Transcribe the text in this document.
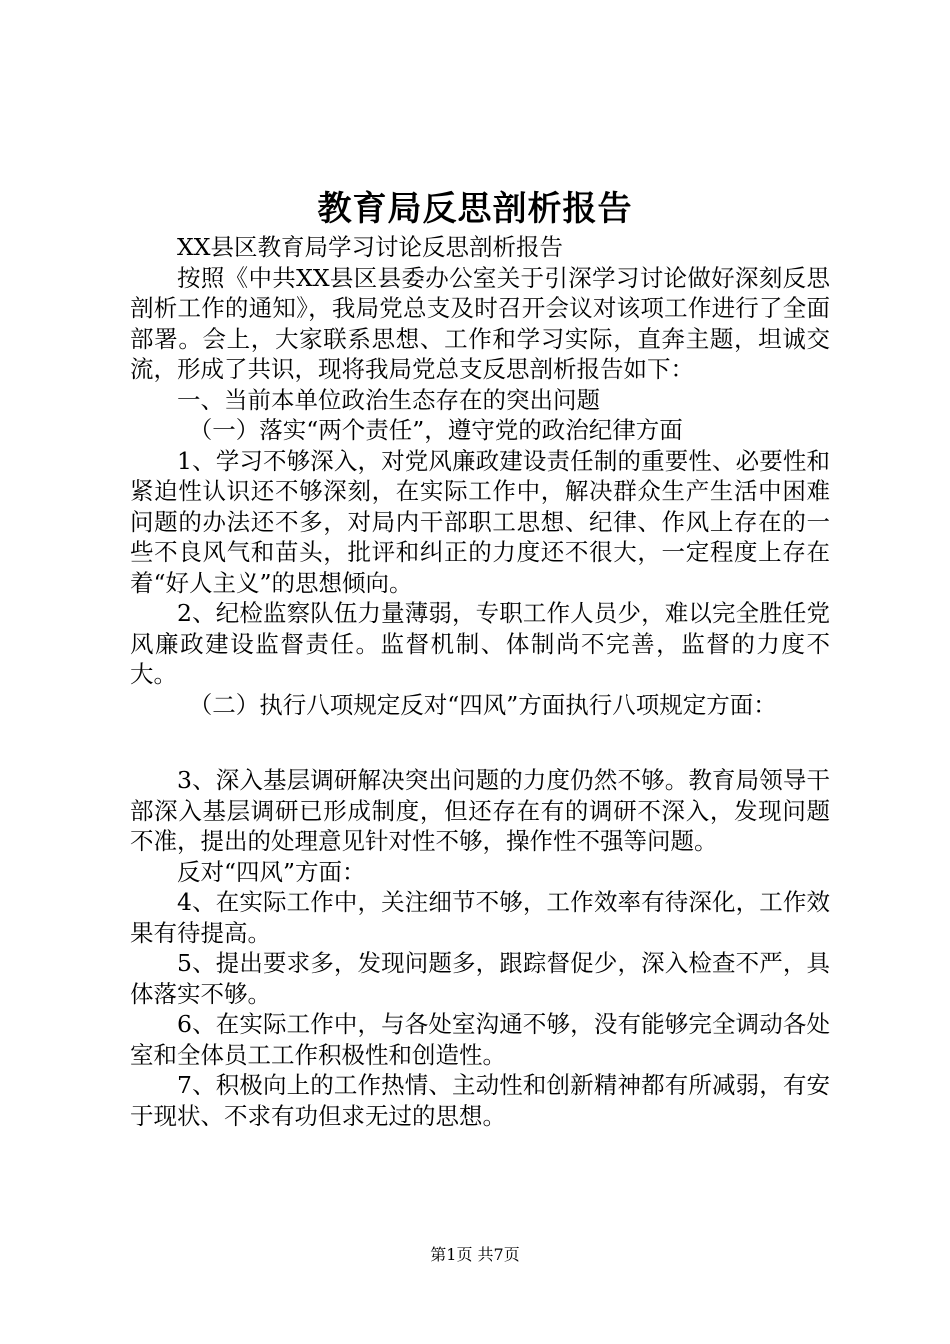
教育局反思剖析报告

XX县区教育局学习讨论反思剖析报告

按照《中共XX县区县委办公室关于引深学习讨论做好深刻反思剖析工作的通知》，我局党总支及时召开会议对该项工作进行了全面部署。会上，大家联系思想、工作和学习实际，直奔主题，坦诚交流，形成了共识，现将我局党总支反思剖析报告如下：

一、当前本单位政治生态存在的突出问题

（一）落实“两个责任”，遵守党的政治纪律方面

1、学习不够深入，对党风廉政建设责任制的重要性、必要性和紧迫性认识还不够深刻，在实际工作中，解决群众生产生活中困难问题的办法还不多，对局内干部职工思想、纪律、作风上存在的一些不良风气和苗头，批评和纠正的力度还不很大，一定程度上存在着“好人主义”的思想倾向。

2、纪检监察队伍力量薄弱，专职工作人员少，难以完全胜任党风廉政建设监督责任。监督机制、体制尚不完善，监督的力度不大。

（二）执行八项规定反对“四风”方面执行八项规定方面：

3、深入基层调研解决突出问题的力度仍然不够。教育局领导干部深入基层调研已形成制度，但还存在有的调研不深入，发现问题不准，提出的处理意见针对性不够，操作性不强等问题。

反对“四风”方面：

4、在实际工作中，关注细节不够，工作效率有待深化，工作效果有待提高。

5、提出要求多，发现问题多，跟踪督促少，深入检查不严，具体落实不够。

6、在实际工作中，与各处室沟通不够，没有能够完全调动各处室和全体员工工作积极性和创造性。

7、积极向上的工作热情、主动性和创新精神都有所减弱，有安于现状、不求有功但求无过的思想。

第1页 共7页
